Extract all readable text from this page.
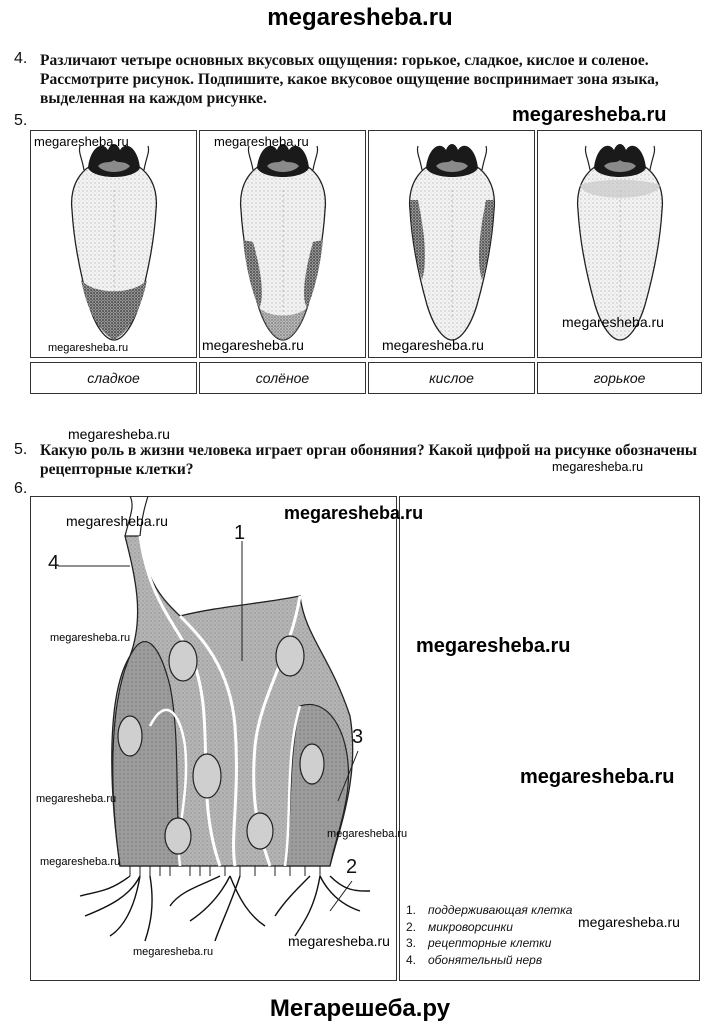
megaresheba.ru
4. Различают четыре основных вкусовых ощущения: горькое, сладкое, кислое и соленое. Рассмотрите рисунок. Подпишите, какое вкусовое ощущение воспринимает зона языка, выделенная на каждом рисунке.
5.	megaresheba.ru
сладкое	солёное	кислое	горькое
megaresheba.ru	megaresheba.ru
megaresheba.ru	megaresheba.ru	megaresheba.ru
megaresheba.ru
megaresheba.ru
5. Какую роль в жизни человека играет орган обоняния? Какой цифрой на рисунке обозначены рецепторные клетки?	megaresheba.ru
6.
4
1
3
2
megaresheba.ru
megaresheba.ru
megaresheba.ru
megaresheba.ru
megaresheba.ru
megaresheba.ru
megaresheba.ru
megaresheba.ru
megaresheba.ru
megaresheba.ru
1. поддерживающая клетка
2. микроворсинки
3. рецепторные клетки
4. обонятельный нерв
megaresheba.ru
Мегарешеба.ру
